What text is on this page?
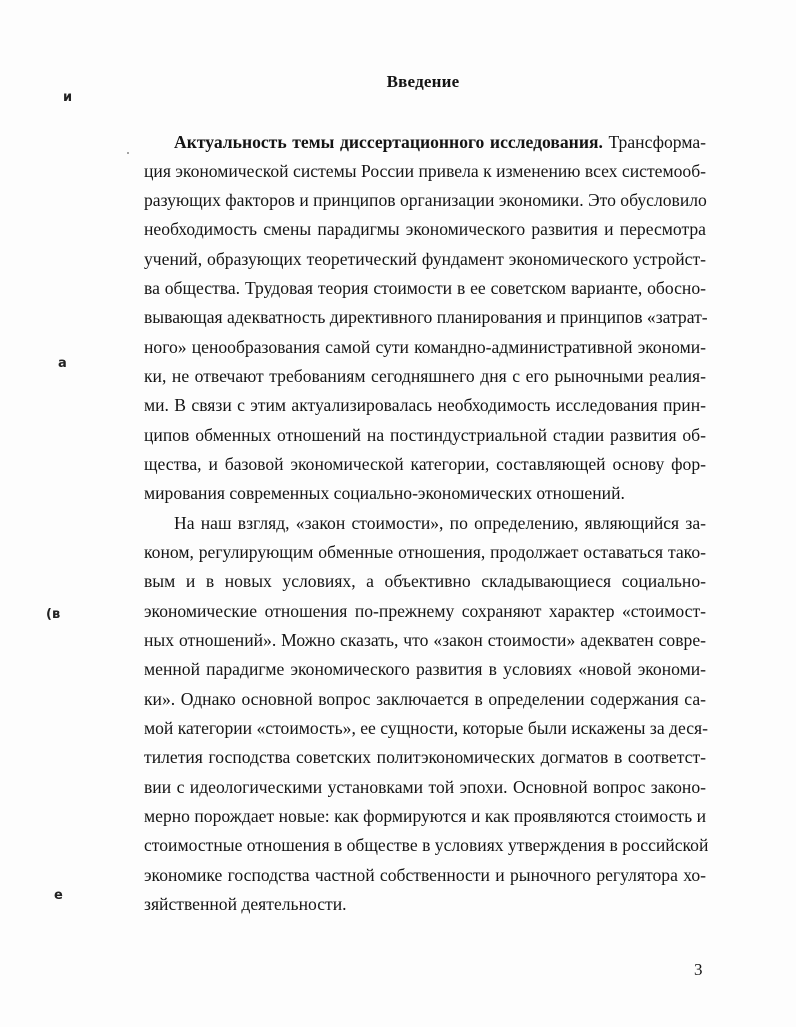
Введение
Актуальность темы диссертационного исследования. Трансформа-
ция экономической системы России привела к изменению всех системооб-
разующих факторов и принципов организации экономики. Это обусловило
необходимость смены парадигмы экономического развития и пересмотра
учений, образующих теоретический фундамент экономического устройст-
ва общества. Трудовая теория стоимости в ее советском варианте, обосно-
вывающая адекватность директивного планирования и принципов «затрат-
ного» ценообразования самой сути командно-административной экономи-
ки, не отвечают требованиям сегодняшнего дня с его рыночными реалия-
ми. В связи с этим актуализировалась необходимость исследования прин-
ципов обменных отношений на постиндустриальной стадии развития об-
щества, и базовой экономической категории, составляющей основу фор-
мирования современных социально-экономических отношений.
На наш взгляд, «закон стоимости», по определению, являющийся за-
коном, регулирующим обменные отношения, продолжает оставаться тако-
вым и в новых условиях, а объективно складывающиеся социально-
экономические отношения по-прежнему сохраняют характер «стоимост-
ных отношений». Можно сказать, что «закон стоимости» адекватен совре-
менной парадигме экономического развития в условиях «новой экономи-
ки». Однако основной вопрос заключается в определении содержания са-
мой категории «стоимость», ее сущности, которые были искажены за деся-
тилетия господства советских политэкономических догматов в соответст-
вии с идеологическими установками той эпохи. Основной вопрос законо-
мерно порождает новые: как формируются и как проявляются стоимость и
стоимостные отношения в обществе в условиях утверждения в российской
экономике господства частной собственности и рыночного регулятора хо-
зяйственной деятельности.
и
a
(в
e
3
